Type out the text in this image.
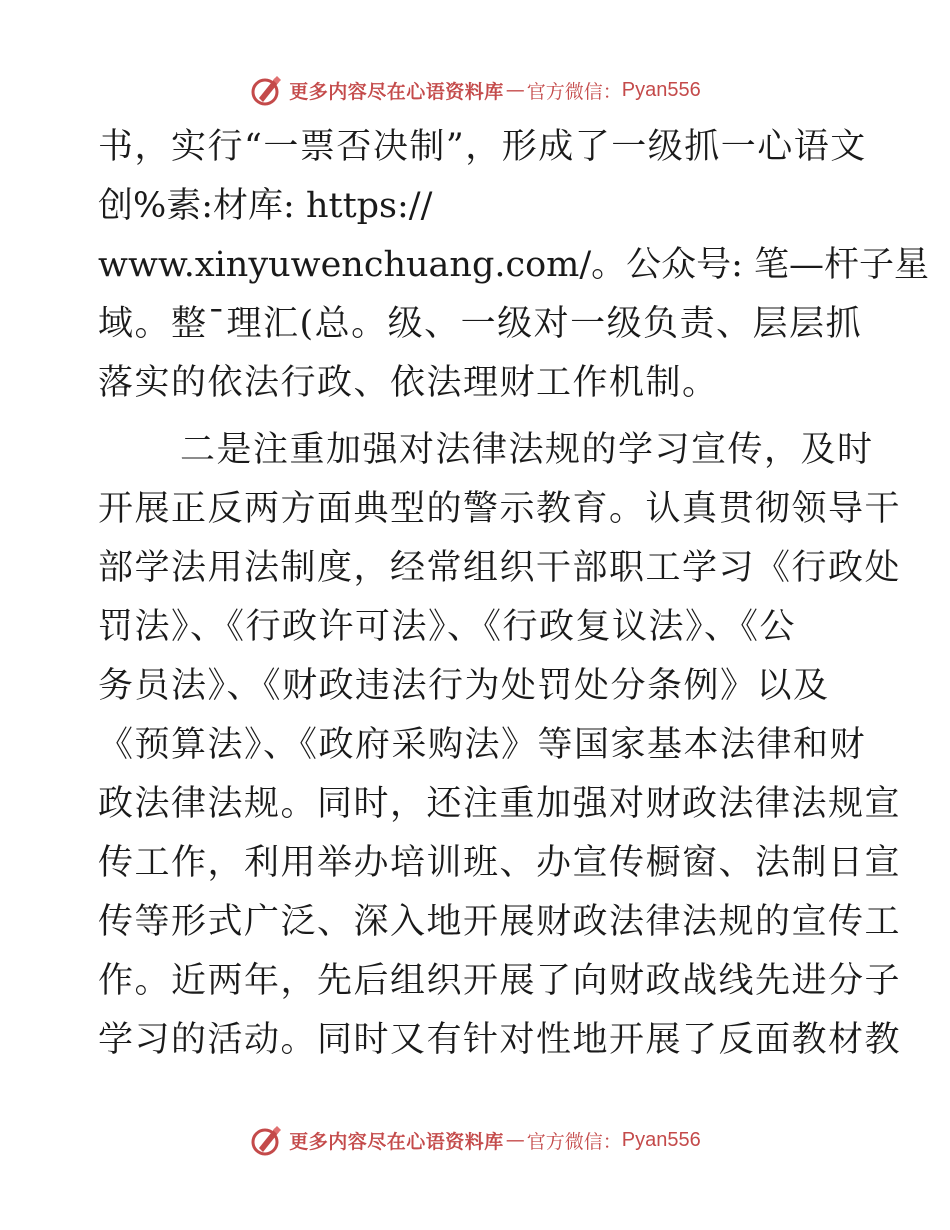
更多内容尽在心语资料库 — 官方微信： Pyan556
书，实行“一票否决制”，形成了一级抓一心语文
创%素:材库: https://
www.xinyuwenchuang.com/。公众号: 笔—杆子星
域。整¯理汇(总。级、一级对一级负责、层层抓
落实的依法行政、依法理财工作机制。
二是注重加强对法律法规的学习宣传，及时
开展正反两方面典型的警示教育。认真贯彻领导干
部学法用法制度，经常组织干部职工学习《行政处
罚法》、《行政许可法》、《行政复议法》、《公
务员法》、《财政违法行为处罚处分条例》以及
《预算法》、《政府采购法》等国家基本法律和财
政法律法规。同时，还注重加强对财政法律法规宣
传工作，利用举办培训班、办宣传橱窗、法制日宣
传等形式广泛、深入地开展财政法律法规的宣传工
作。近两年，先后组织开展了向财政战线先进分子
学习的活动。同时又有针对性地开展了反面教材教
更多内容尽在心语资料库 — 官方微信： Pyan556
